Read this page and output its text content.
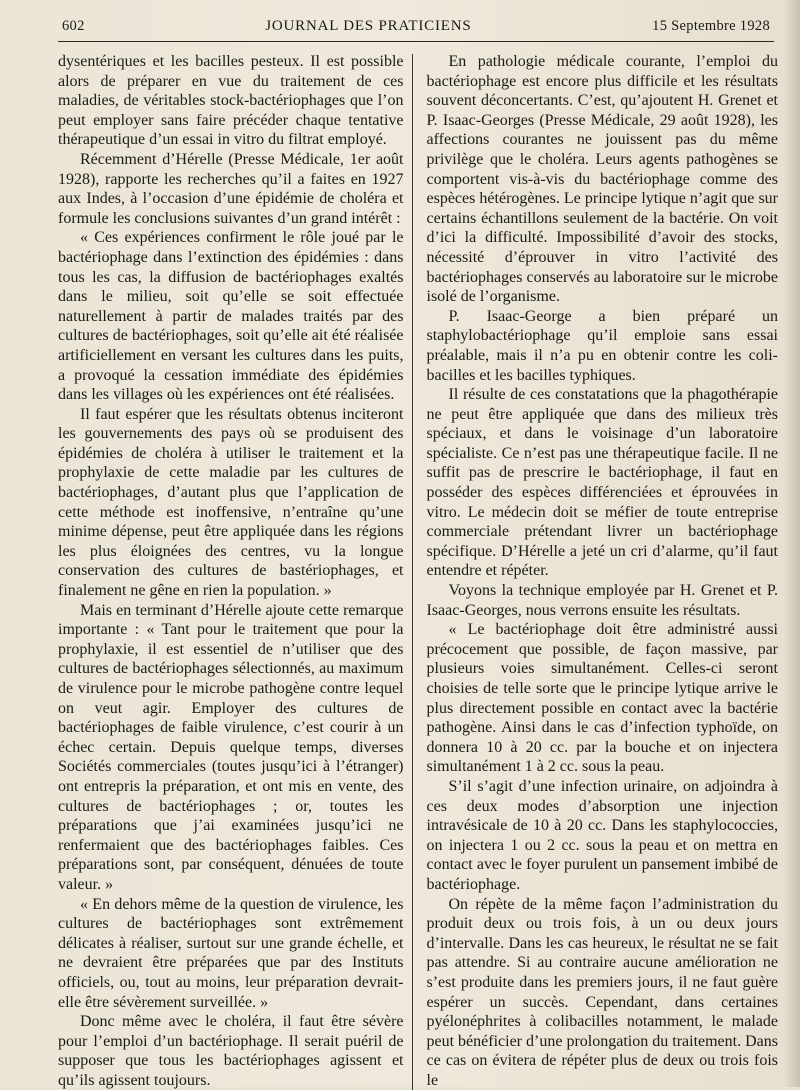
602	JOURNAL DES PRATICIENS	15 Septembre 1928

dysentériques et les bacilles pesteux. Il est possible alors de préparer en vue du traitement de ces maladies, de véritables stock-bactériophages que l’on peut employer sans faire précéder chaque tentative thérapeutique d’un essai in vitro du filtrat employé.

Récemment d’Hérelle (Presse Médicale, 1er août 1928), rapporte les recherches qu’il a faites en 1927 aux Indes, à l’occasion d’une épidémie de choléra et formule les conclusions suivantes d’un grand intérêt :

« Ces expériences confirment le rôle joué par le bactériophage dans l’extinction des épidémies : dans tous les cas, la diffusion de bactériophages exaltés dans le milieu, soit qu’elle se soit effectuée naturellement à partir de malades traités par des cultures de bactériophages, soit qu’elle ait été réalisée artificiellement en versant les cultures dans les puits, a provoqué la cessation immédiate des épidémies dans les villages où les expériences ont été réalisées.

Il faut espérer que les résultats obtenus inciteront les gouvernements des pays où se produisent des épidémies de choléra à utiliser le traitement et la prophylaxie de cette maladie par les cultures de bactériophages, d’autant plus que l’application de cette méthode est inoffensive, n’entraîne qu’une minime dépense, peut être appliquée dans les régions les plus éloignées des centres, vu la longue conservation des cultures de bastériophages, et finalement ne gêne en rien la population. »

Mais en terminant d’Hérelle ajoute cette remarque importante : « Tant pour le traitement que pour la prophylaxie, il est essentiel de n’utiliser que des cultures de bactériophages sélectionnés, au maximum de virulence pour le microbe pathogène contre lequel on veut agir. Employer des cultures de bactériophages de faible virulence, c’est courir à un échec certain. Depuis quelque temps, diverses Sociétés commerciales (toutes jusqu’ici à l’étranger) ont entrepris la préparation, et ont mis en vente, des cultures de bactériophages ; or, toutes les préparations que j’ai examinées jusqu’ici ne renfermaient que des bactériophages faibles. Ces préparations sont, par conséquent, dénuées de toute valeur. »

« En dehors même de la question de virulence, les cultures de bactériophages sont extrêmement délicates à réaliser, surtout sur une grande échelle, et ne devraient être préparées que par des Instituts officiels, ou, tout au moins, leur préparation devrait-elle être sévèrement surveillée. »

Donc même avec le choléra, il faut être sévère pour l’emploi d’un bactériophage. Il serait puéril de supposer que tous les bactériophages agissent et qu’ils agissent toujours.

En pathologie médicale courante, l’emploi du bactériophage est encore plus difficile et les résultats souvent déconcertants. C’est, qu’ajoutent H. Grenet et P. Isaac-Georges (Presse Médicale, 29 août 1928), les affections courantes ne jouissent pas du même privilège que le choléra. Leurs agents pathogènes se comportent vis-à-vis du bactériophage comme des espèces hétérogènes. Le principe lytique n’agit que sur certains échantillons seulement de la bactérie. On voit d’ici la difficulté. Impossibilité d’avoir des stocks, nécessité d’éprouver in vitro l’activité des bactériophages conservés au laboratoire sur le microbe isolé de l’organisme.

P. Isaac-George a bien préparé un staphylobactériophage qu’il emploie sans essai préalable, mais il n’a pu en obtenir contre les coli-bacilles et les bacilles typhiques.

Il résulte de ces constatations que la phagothérapie ne peut être appliquée que dans des milieux très spéciaux, et dans le voisinage d’un laboratoire spécialiste. Ce n’est pas une thérapeutique facile. Il ne suffit pas de prescrire le bactériophage, il faut en posséder des espèces différenciées et éprouvées in vitro. Le médecin doit se méfier de toute entreprise commerciale prétendant livrer un bactériophage spécifique. D’Hérelle a jeté un cri d’alarme, qu’il faut entendre et répéter.

Voyons la technique employée par H. Grenet et P. Isaac-Georges, nous verrons ensuite les résultats.

« Le bactériophage doit être administré aussi précocement que possible, de façon massive, par plusieurs voies simultanément. Celles-ci seront choisies de telle sorte que le principe lytique arrive le plus directement possible en contact avec la bactérie pathogène. Ainsi dans le cas d’infection typhoïde, on donnera 10 à 20 cc. par la bouche et on injectera simultanément 1 à 2 cc. sous la peau.

S’il s’agit d’une infection urinaire, on adjoindra à ces deux modes d’absorption une injection intravésicale de 10 à 20 cc. Dans les staphylococcies, on injectera 1 ou 2 cc. sous la peau et on mettra en contact avec le foyer purulent un pansement imbibé de bactériophage.

On répète de la même façon l’administration du produit deux ou trois fois, à un ou deux jours d’intervalle. Dans les cas heureux, le résultat ne se fait pas attendre. Si au contraire aucune amélioration ne s’est produite dans les premiers jours, il ne faut guère espérer un succès. Cependant, dans certaines pyélonéphrites à colibacilles notamment, le malade peut bénéficier d’une prolongation du traitement. Dans ce cas on évitera de répéter plus de deux ou trois fois le
